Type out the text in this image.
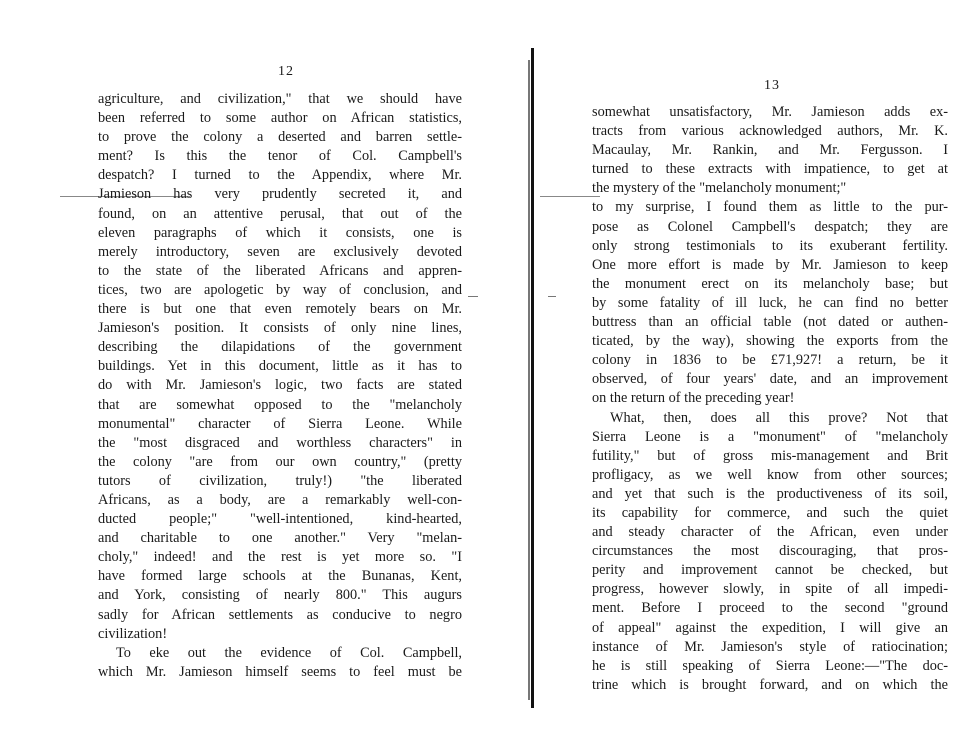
12
agriculture, and civilization," that we should have
been referred to some author on African statistics,
to prove the colony a deserted and barren settle-
ment? Is this the tenor of Col. Campbell's
despatch? I turned to the Appendix, where Mr.
Jamieson has very prudently secreted it, and
found, on an attentive perusal, that out of the
eleven paragraphs of which it consists, one is
merely introductory, seven are exclusively devoted
to the state of the liberated Africans and appren-
tices, two are apologetic by way of conclusion, and
there is but one that even remotely bears on Mr.
Jamieson's position. It consists of only nine lines,
describing the dilapidations of the government
buildings. Yet in this document, little as it has to
do with Mr. Jamieson's logic, two facts are stated
that are somewhat opposed to the "melancholy
monumental" character of Sierra Leone. While
the "most disgraced and worthless characters" in
the colony "are from our own country," (pretty
tutors of civilization, truly!) "the liberated
Africans, as a body, are a remarkably well-con-
ducted people;" "well-intentioned, kind-hearted,
and charitable to one another." Very "melan-
choly," indeed! and the rest is yet more so. "I
have formed large schools at the Bunanas, Kent,
and York, consisting of nearly 800." This augurs
sadly for African settlements as conducive to negro
civilization!
To eke out the evidence of Col. Campbell,
which Mr. Jamieson himself seems to feel must be
13
somewhat unsatisfactory, Mr. Jamieson adds ex-
tracts from various acknowledged authors, Mr. K.
Macaulay, Mr. Rankin, and Mr. Fergusson. I
turned to these extracts with impatience, to get at
the mystery of the "melancholy monument;"
to my surprise, I found them as little to the pur-
pose as Colonel Campbell's despatch; they are
only strong testimonials to its exuberant fertility.
One more effort is made by Mr. Jamieson to keep
the monument erect on its melancholy base; but
by some fatality of ill luck, he can find no better
buttress than an official table (not dated or authen-
ticated, by the way), showing the exports from the
colony in 1836 to be £71,927! a return, be it
observed, of four years' date, and an improvement
on the return of the preceding year!
What, then, does all this prove? Not that
Sierra Leone is a "monument" of "melancholy
futility," but of gross mis-management and Brit
profligacy, as we well know from other sources;
and yet that such is the productiveness of its soil,
its capability for commerce, and such the quiet
and steady character of the African, even under
circumstances the most discouraging, that pros-
perity and improvement cannot be checked, but
progress, however slowly, in spite of all impedi-
ment. Before I proceed to the second "ground
of appeal" against the expedition, I will give an
instance of Mr. Jamieson's style of ratiocination;
he is still speaking of Sierra Leone:—"The doc-
trine which is brought forward, and on which the
